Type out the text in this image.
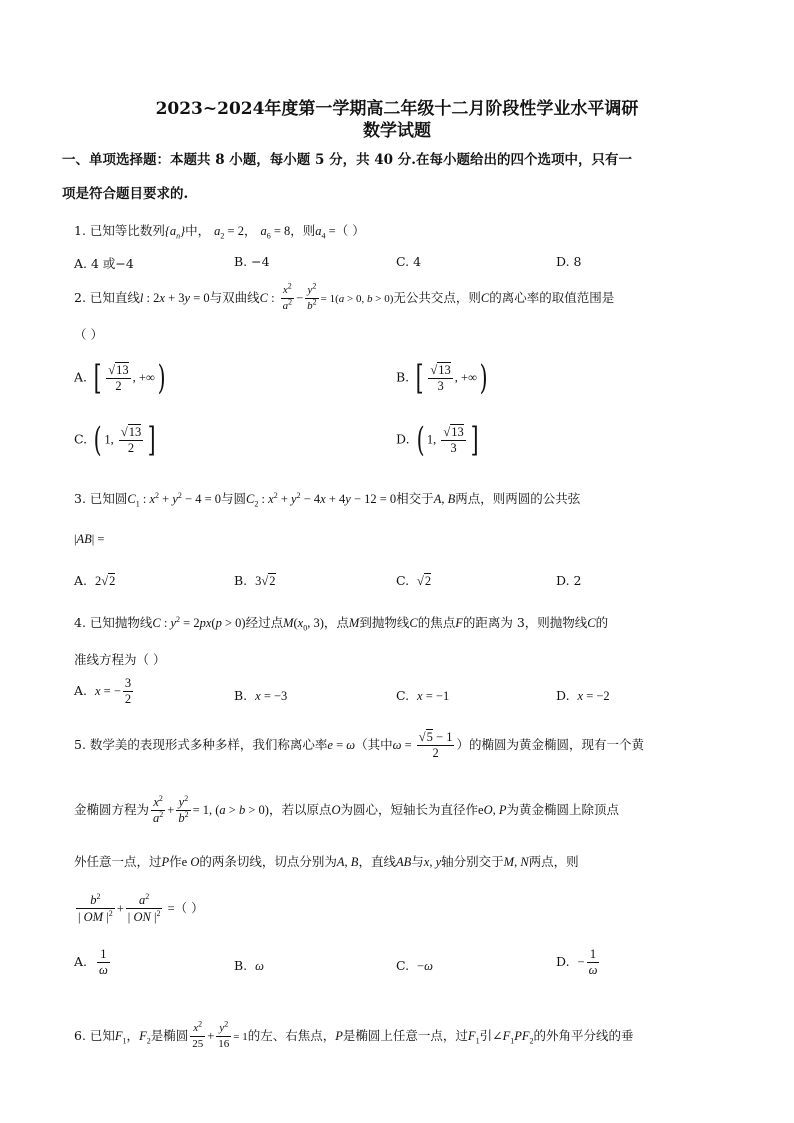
2023~2024年度第一学期高二年级十二月阶段性学业水平调研
数学试题
一、单项选择题：本题共 8 小题，每小题 5 分，共 40 分.在每小题给出的四个选项中，只有一
项是符合题目要求的.
1. 已知等比数列$\{a_n\}$中， $a_2 = 2$， $a_6 = 8$，则$a_4$ =（ ）
A. 4 或−4	B. −4	C. 4	D. 8
2. 已知直线l : 2x + 3y = 0与双曲线C : $\frac{x^2}{a^2} - \frac{y^2}{b^2} = 1(a > 0$, b > 0)无公共交点，则C的离心率的取值范围是
（ ）
A. [ $\frac{√13}{2}$ , +∞)	B. [ $\frac{√13}{3}$ , +∞)
C. ( 1, $\frac{√13}{2}$ ]	D. ( 1, $\frac{√13}{3}$ ]
3. 已知圆$C_1$ : $x^2 + y^2 - 4 = 0$与圆$C_2$ : $x^2 + y^2 - 4x + 4y - 12 = 0$相交于A, B两点，则两圆的公共弦
|AB| =
A. 2√2	B. 3√2	C. √2	D. 2
4. 已知抛物线C : $y^2 = 2px(p > 0)$经过点$M(x_0$, 3)，点M到抛物线C的焦点F的距离为 3，则抛物线C的
准线方程为（ ）
A. x = − $\frac{3}{2}$	B. x = −3	C. x = −1	D. x = −2
5. 数学美的表现形式多种多样，我们称离心率e = ω（其中$\omega = \frac{√5 - 1}{2}$ ）的椭圆为黄金椭圆，现有一个黄
金椭圆方程为 $\frac{x^2}{a^2} + \frac{y^2}{b^2} = 1$, (a > b > 0)，若以原点O为圆心，短轴长为直径作eO, P为黄金椭圆上除顶点
外任意一点，过P作e O的两条切线，切点分别为A, B，直线AB与x, y轴分别交于M, N两点，则
$\frac{b^2}{| OM |^2} + \frac{a^2}{| ON |^2}$ =（ ）
A. $\frac{1}{\omega}$	B. ω	C. −ω	D. − $\frac{1}{\omega}$
6. 已知$F_1$，$F_2$是椭圆 $\frac{x^2}{25} + \frac{y^2}{16} = 1$的左、右焦点，P是椭圆上任意一点，过$F_1$引$\angle F_1PF_2$的外角平分线的垂
